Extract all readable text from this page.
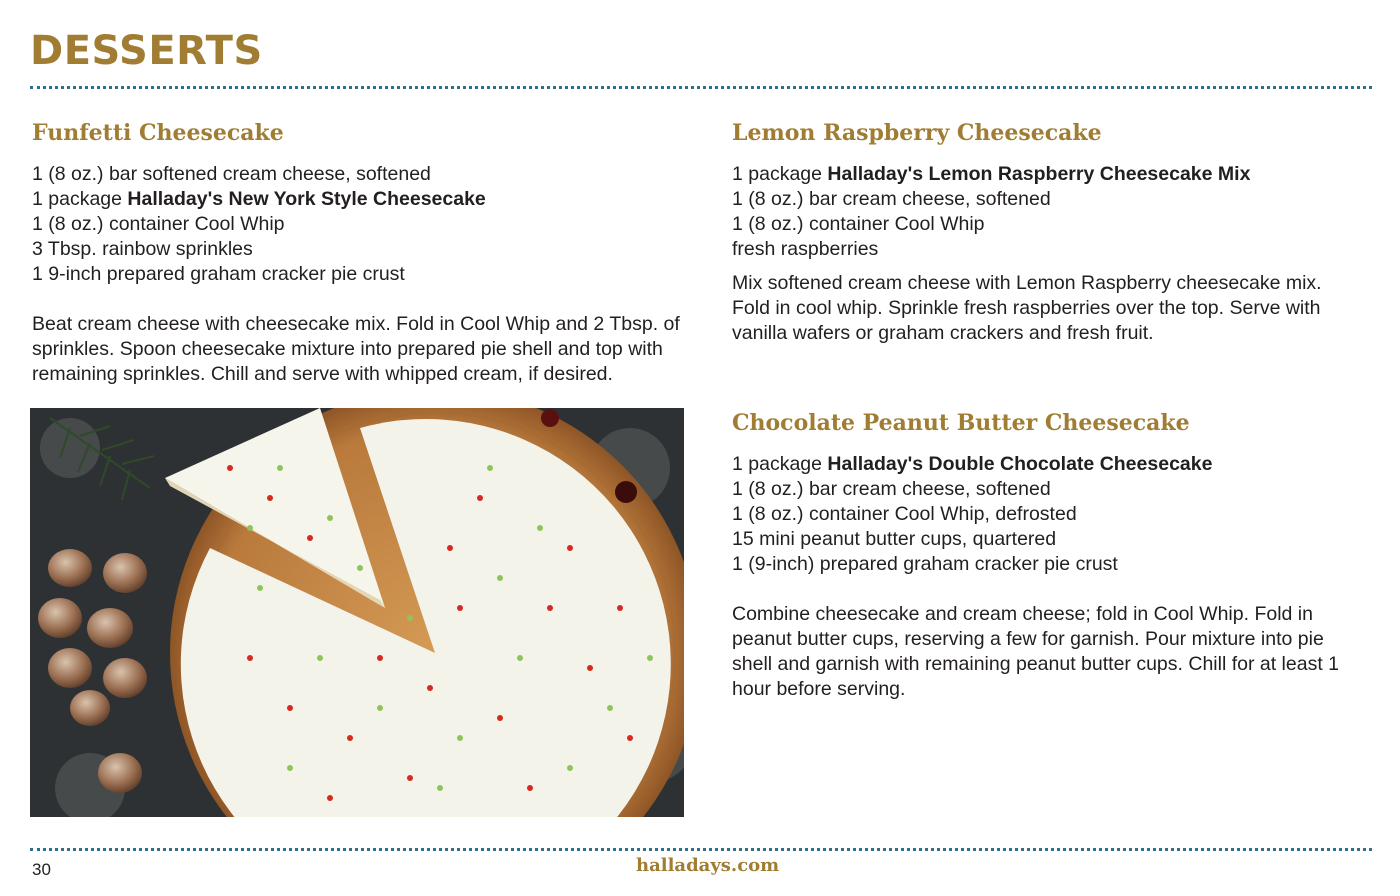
DESSERTS
Funfetti Cheesecake
1 (8 oz.) bar softened cream cheese, softened
1 package Halladay's New York Style Cheesecake
1 (8 oz.) container Cool Whip
3 Tbsp. rainbow sprinkles
1 9-inch prepared graham cracker pie crust

Beat cream cheese with cheesecake mix. Fold in Cool Whip and 2 Tbsp. of sprinkles. Spoon cheesecake mixture into prepared pie shell and top with remaining sprinkles. Chill and serve with whipped cream, if desired.

Lemon Raspberry Cheesecake
1 package Halladay's Lemon Raspberry Cheesecake Mix
1 (8 oz.) bar cream cheese, softened
1 (8 oz.) container Cool Whip
fresh raspberries

Mix softened cream cheese with Lemon Raspberry cheesecake mix. Fold in cool whip. Sprinkle fresh raspberries over the top. Serve with vanilla wafers or graham crackers and fresh fruit.

Chocolate Peanut Butter Cheesecake
1 package Halladay's Double Chocolate Cheesecake
1 (8 oz.) bar cream cheese, softened
1 (8 oz.) container Cool Whip, defrosted
15 mini peanut butter cups, quartered
1 (9-inch) prepared graham cracker pie crust

Combine cheesecake and cream cheese; fold in Cool Whip. Fold in peanut butter cups, reserving a few for garnish. Pour mixture into pie shell and garnish with remaining peanut butter cups. Chill for at least 1 hour before serving.

30	halladays.com
